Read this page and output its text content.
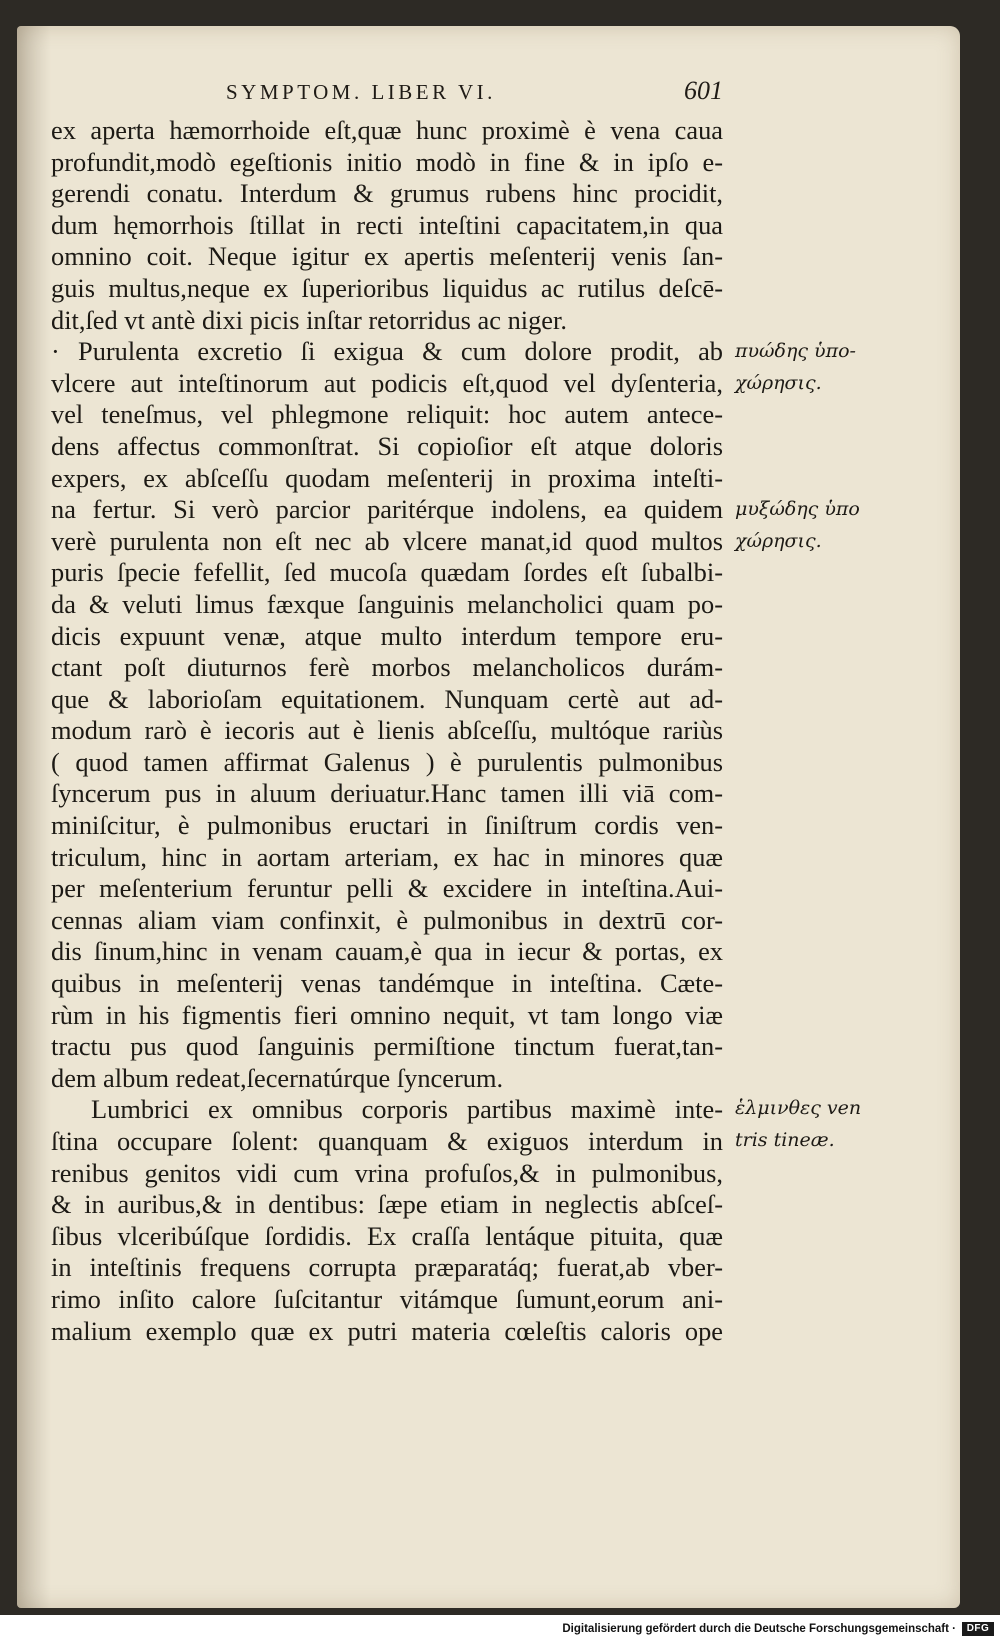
SYMPTOM. LIBER VI.	601
ex aperta hæmorrhoide eſt,quæ hunc proximè è vena caua
profundit,modò egeſtionis initio modò in fine & in ipſo e-
gerendi conatu. Interdum & grumus rubens hinc procidit,
dum hęmorrhois ſtillat in recti inteſtini capacitatem,in qua
omnino coit. Neque igitur ex apertis meſenterij venis ſan-
guis multus,neque ex ſuperioribus liquidus ac rutilus deſcē-
dit,ſed vt antè dixi picis inſtar retorridus ac niger.
· Purulenta excretio ſi exigua & cum dolore prodit, ab
vlcere aut inteſtinorum aut podicis eſt,quod vel dyſenteria,
vel teneſmus, vel phlegmone reliquit: hoc autem antece-
dens affectus commonſtrat. Si copioſior eſt atque doloris
expers, ex abſceſſu quodam meſenterij in proxima inteſti-
na fertur. Si verò parcior paritérque indolens, ea quidem
verè purulenta non eſt nec ab vlcere manat,id quod multos
puris ſpecie fefellit, ſed mucoſa quædam ſordes eſt ſubalbi-
da & veluti limus fæxque ſanguinis melancholici quam po-
dicis expuunt venæ, atque multo interdum tempore eru-
ctant poſt diuturnos ferè morbos melancholicos durám-
que & laborioſam equitationem. Nunquam certè aut ad-
modum rarò è iecoris aut è lienis abſceſſu, multóque rariùs
( quod tamen affirmat Galenus ) è purulentis pulmonibus
ſyncerum pus in aluum deriuatur.Hanc tamen illi viā com-
miniſcitur, è pulmonibus eructari in ſiniſtrum cordis ven-
triculum, hinc in aortam arteriam, ex hac in minores quæ
per meſenterium feruntur pelli & excidere in inteſtina.Aui-
cennas aliam viam confinxit, è pulmonibus in dextrū cor-
dis ſinum,hinc in venam cauam,è qua in iecur & portas, ex
quibus in meſenterij venas tandémque in inteſtina. Cæte-
rùm in his figmentis fieri omnino nequit, vt tam longo viæ
tractu pus quod ſanguinis permiſtione tinctum fuerat,tan-
dem album redeat,ſecernatúrque ſyncerum.
Lumbrici ex omnibus corporis partibus maximè inte-
ſtina occupare ſolent: quanquam & exiguos interdum in
renibus genitos vidi cum vrina profuſos,& in pulmonibus,
& in auribus,& in dentibus: ſæpe etiam in neglectis abſceſ-
ſibus vlceribúſque ſordidis. Ex craſſa lentáque pituita, quæ
in inteſtinis frequens corrupta præparatáq; fuerat,ab vber-
rimo inſito calore ſuſcitantur vitámque ſumunt,eorum ani-
malium exemplo quæ ex putri materia cœleſtis caloris ope
πυώδης ὑπο-
χώρησις.
μυξώδης ὑπο
χώρησις.
ἑλμινθες ven
tris tineæ.
Digitalisierung gefördert durch die Deutsche Forschungsgemeinschaft ·	DFG
